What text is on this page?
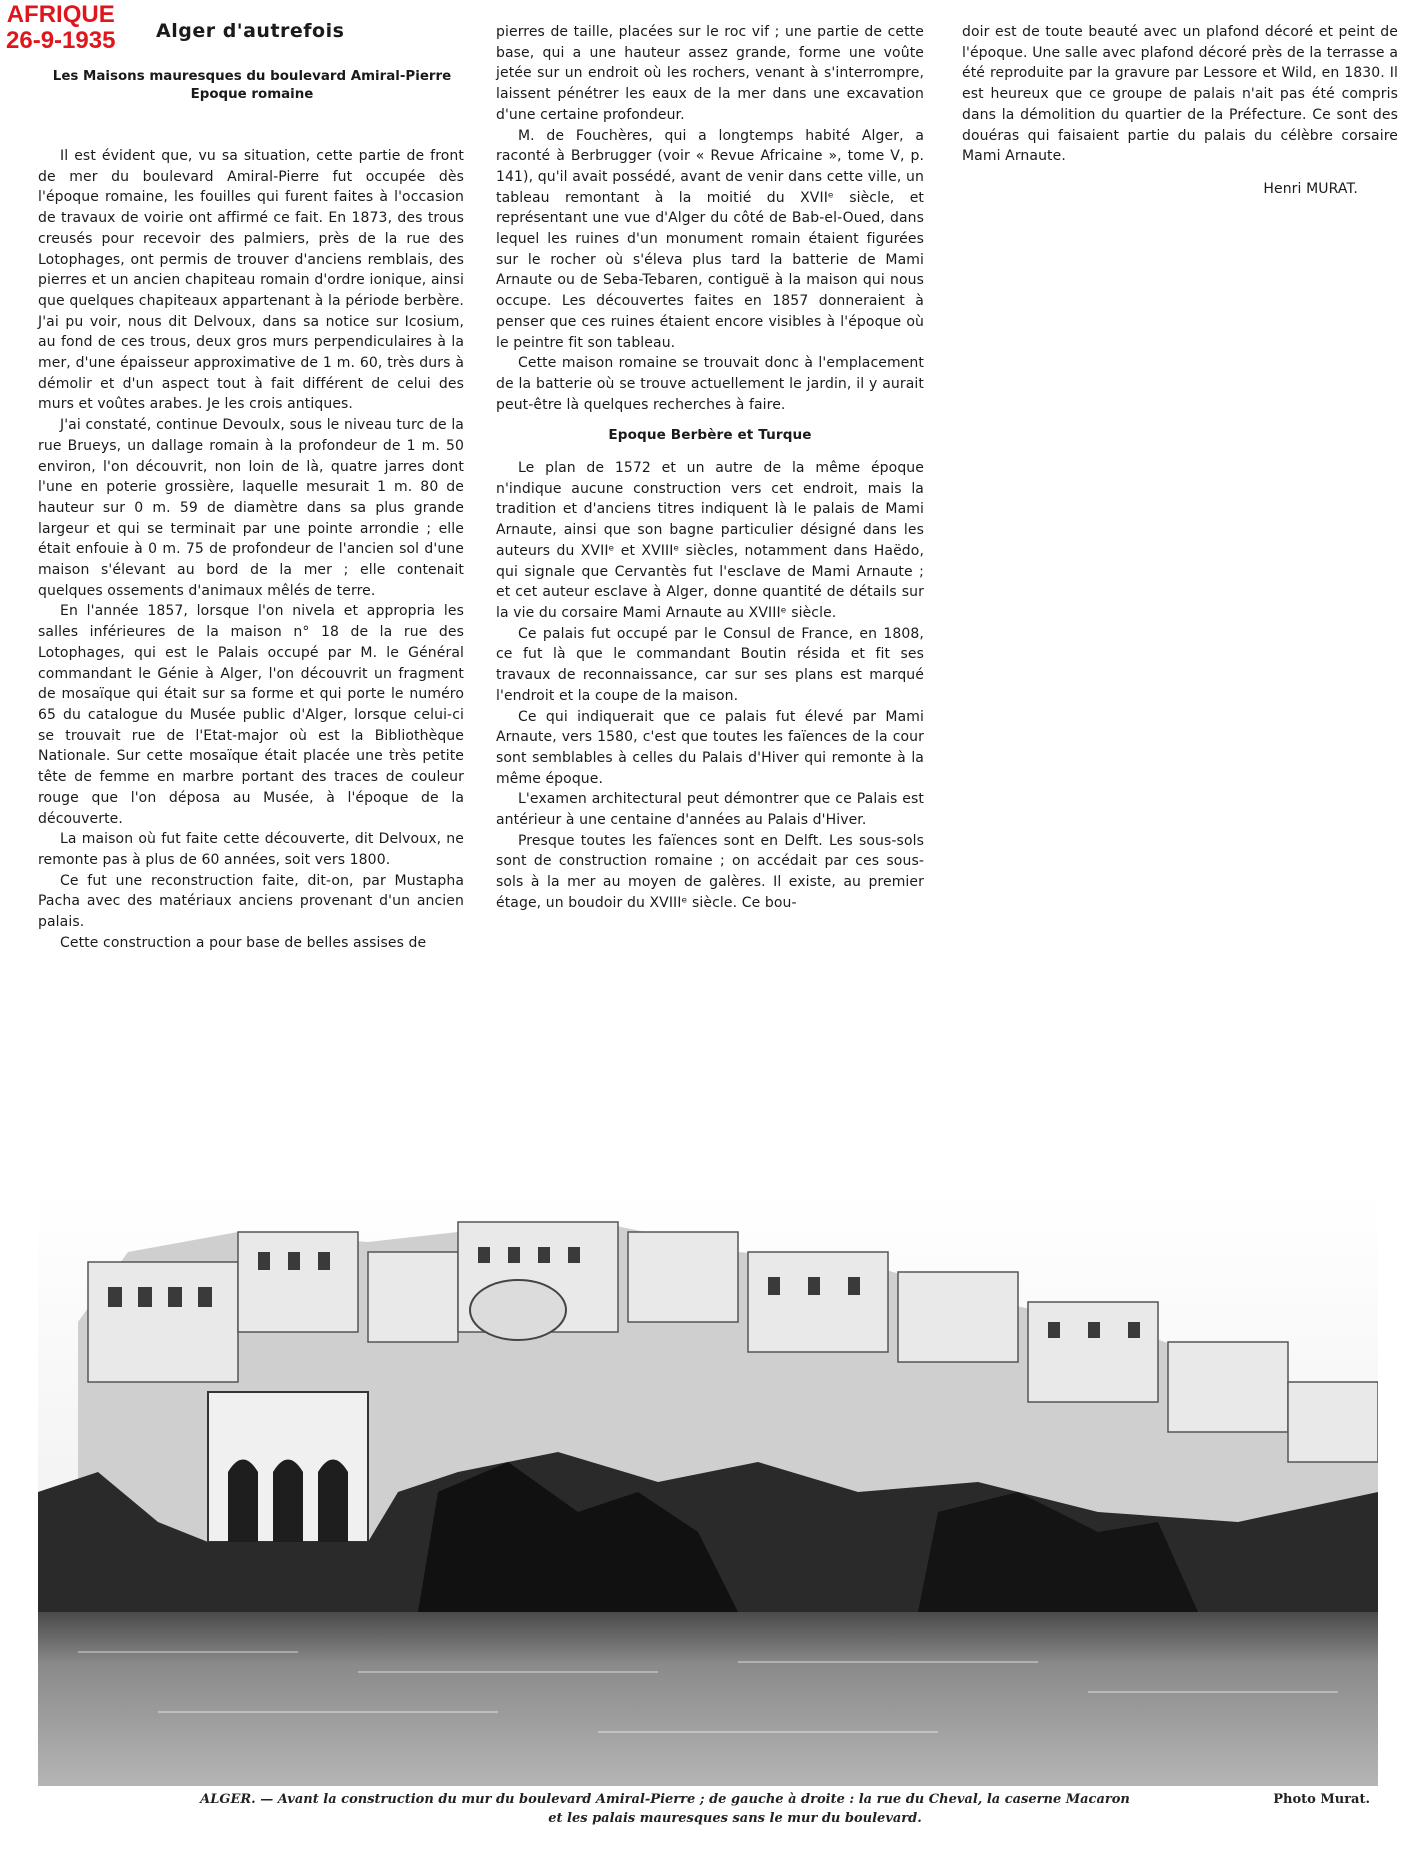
AFRIQUE
26-9-1935 Alger d'autrefois
Les Maisons mauresques du boulevard Amiral-Pierre
Epoque romaine

Il est évident que, vu sa situation, cette partie de front de mer du boulevard Amiral-Pierre fut occupée dès l'époque romaine, les fouilles qui furent faites à l'occasion de travaux de voirie ont affirmé ce fait. En 1873, des trous creusés pour recevoir des palmiers, près de la rue des Lotophages, ont permis de trouver d'anciens remblais, des pierres et un ancien chapiteau romain d'ordre ionique, ainsi que quelques chapiteaux appartenant à la période berbère. J'ai pu voir, nous dit Delvoux, dans sa notice sur Icosium, au fond de ces trous, deux gros murs perpendiculaires à la mer, d'une épaisseur approximative de 1 m. 60, très durs à démolir et d'un aspect tout à fait différent de celui des murs et voûtes arabes. Je les crois antiques.

J'ai constaté, continue Devoulx, sous le niveau turc de la rue Brueys, un dallage romain à la profondeur de 1 m. 50 environ, l'on découvrit, non loin de là, quatre jarres dont l'une en poterie grossière, laquelle mesurait 1 m. 80 de hauteur sur 0 m. 59 de diamètre dans sa plus grande largeur et qui se terminait par une pointe arrondie ; elle était enfouie à 0 m. 75 de profondeur de l'ancien sol d'une maison s'élevant au bord de la mer ; elle contenait quelques ossements d'animaux mêlés de terre.

En l'année 1857, lorsque l'on nivela et appropria les salles inférieures de la maison n° 18 de la rue des Lotophages, qui est le Palais occupé par M. le Général commandant le Génie à Alger, l'on découvrit un fragment de mosaïque qui était sur sa forme et qui porte le numéro 65 du catalogue du Musée public d'Alger, lorsque celui-ci se trouvait rue de l'Etat-major où est la Bibliothèque Nationale. Sur cette mosaïque était placée une très petite tête de femme en marbre portant des traces de couleur rouge que l'on déposa au Musée, à l'époque de la découverte.

La maison où fut faite cette découverte, dit Delvoux, ne remonte pas à plus de 60 années, soit vers 1800.

Ce fut une reconstruction faite, dit-on, par Mustapha Pacha avec des matériaux anciens provenant d'un ancien palais.

Cette construction a pour base de belles assises de

pierres de taille, placées sur le roc vif ; une partie de cette base, qui a une hauteur assez grande, forme une voûte jetée sur un endroit où les rochers, venant à s'interrompre, laissent pénétrer les eaux de la mer dans une excavation d'une certaine profondeur.

M. de Fouchères, qui a longtemps habité Alger, a raconté à Berbrugger (voir « Revue Africaine », tome V, p. 141), qu'il avait possédé, avant de venir dans cette ville, un tableau remontant à la moitié du XVIIᵉ siècle, et représentant une vue d'Alger du côté de Bab-el-Oued, dans lequel les ruines d'un monument romain étaient figurées sur le rocher où s'éleva plus tard la batterie de Mami Arnaute ou de Seba-Tebaren, contiguë à la maison qui nous occupe. Les découvertes faites en 1857 donneraient à penser que ces ruines étaient encore visibles à l'époque où le peintre fit son tableau.

Cette maison romaine se trouvait donc à l'emplacement de la batterie où se trouve actuellement le jardin, il y aurait peut-être là quelques recherches à faire.

Epoque Berbère et Turque

Le plan de 1572 et un autre de la même époque n'indique aucune construction vers cet endroit, mais la tradition et d'anciens titres indiquent là le palais de Mami Arnaute, ainsi que son bagne particulier désigné dans les auteurs du XVIIᵉ et XVIIIᵉ siècles, notamment dans Haëdo, qui signale que Cervantès fut l'esclave de Mami Arnaute ; et cet auteur esclave à Alger, donne quantité de détails sur la vie du corsaire Mami Arnaute au XVIIIᵉ siècle.

Ce palais fut occupé par le Consul de France, en 1808, ce fut là que le commandant Boutin résida et fit ses travaux de reconnaissance, car sur ses plans est marqué l'endroit et la coupe de la maison.

Ce qui indiquerait que ce palais fut élevé par Mami Arnaute, vers 1580, c'est que toutes les faïences de la cour sont semblables à celles du Palais d'Hiver qui remonte à la même époque.

L'examen architectural peut démontrer que ce Palais est antérieur à une centaine d'années au Palais d'Hiver.

Presque toutes les faïences sont en Delft. Les sous-sols sont de construction romaine ; on accédait par ces sous-sols à la mer au moyen de galères. Il existe, au premier étage, un boudoir du XVIIIᵉ siècle. Ce bou-

doir est de toute beauté avec un plafond décoré et peint de l'époque. Une salle avec plafond décoré près de la terrasse a été reproduite par la gravure par Lessore et Wild, en 1830. Il est heureux que ce groupe de palais n'ait pas été compris dans la démolition du quartier de la Préfecture. Ce sont des douéras qui faisaient partie du palais du célèbre corsaire Mami Arnaute.

Henri MURAT.

ALGER. — Avant la construction du mur du boulevard Amiral-Pierre ; de gauche à droite : la rue du Cheval, la caserne Macaron
et les palais mauresques sans le mur du boulevard.
Photo Murat.
